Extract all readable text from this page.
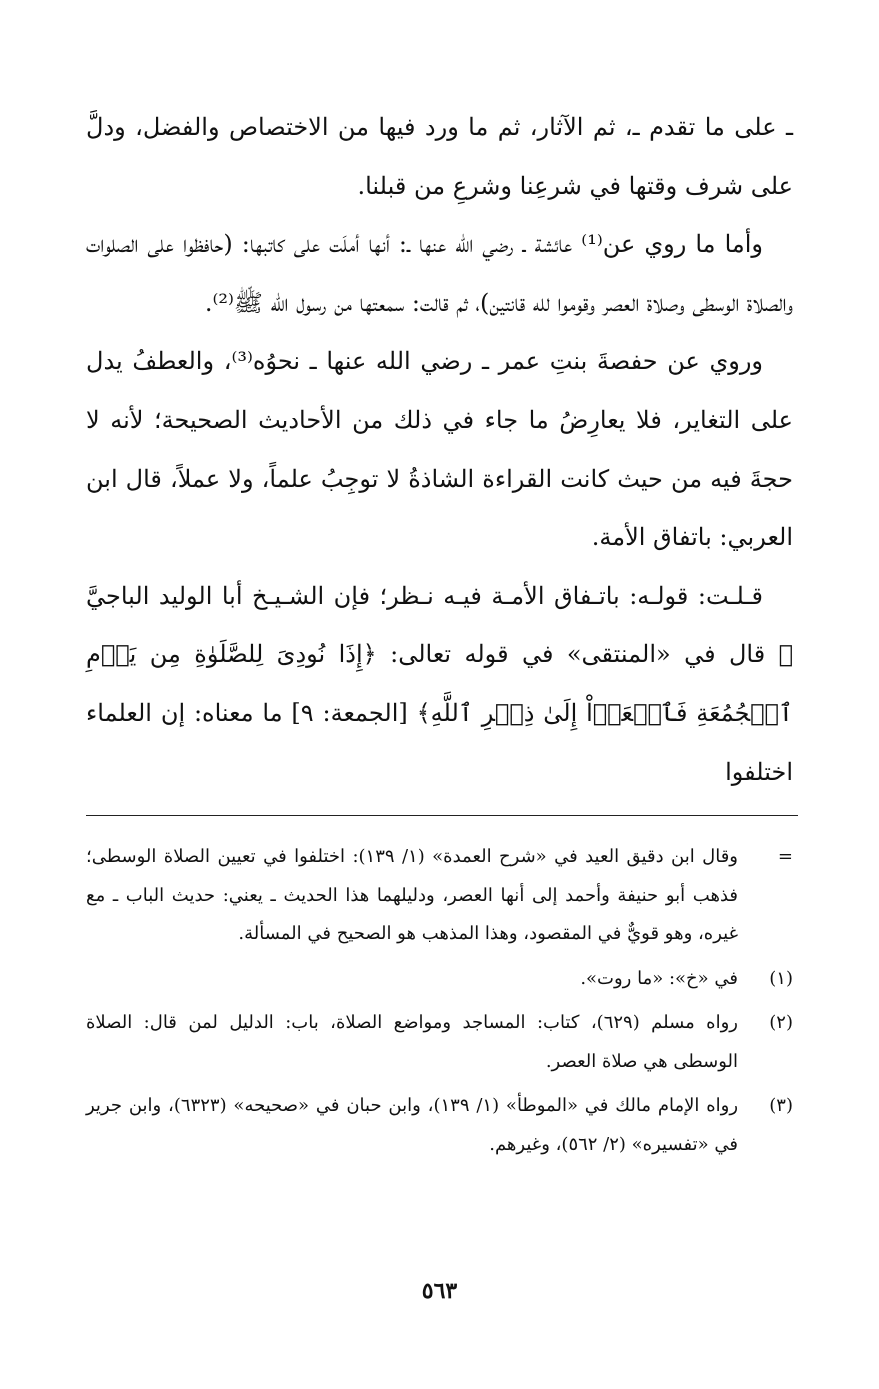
ـ على ما تقدم ـ، ثم الآثار، ثم ما ورد فيها من الاختصاص والفضل، ودلَّ على شرف وقتها في شرعِنا وشرعِ من قبلنا.

وأما ما روي عن⁽¹⁾ عائشة ـ رضي الله عنها ـ: أنها أملَت على كاتبها: (حافظوا على الصلوات والصلاة الوسطى وصلاة العصر وقوموا لله قانتين)، ثم قالت: سمعتها من رسول الله ﷺ⁽²⁾.

وروي عن حفصةَ بنتِ عمر ـ رضي الله عنها ـ نحوُه⁽³⁾، والعطفُ يدل على التغاير، فلا يعارِضُ ما جاء في ذلك من الأحاديث الصحيحة؛ لأنه لا حجةَ فيه من حيث كانت القراءة الشاذةُ لا توجِبُ علماً، ولا عملاً، قال ابن العربي: باتفاق الأمة.

قـلـت: قولـه: باتـفاق الأمـة فيـه نـظر؛ فإن الشـيـخ أبا الوليد الباجيَّ ﵀ قال في «المنتقى» في قوله تعالى: ﴿إِذَا نُودِىَ لِلصَّلَوٰةِ مِن يَوۡمِ ٱلۡجُمُعَةِ فَٱسۡعَوۡاْ إِلَىٰ ذِكۡرِ ٱللَّهِ﴾ [الجمعة: ٩] ما معناه: إن العلماء اختلفوا

=
وقال ابن دقيق العيد في «شرح العمدة» (١/ ١٣٩): اختلفوا في تعيين الصلاة الوسطى؛ فذهب أبو حنيفة وأحمد إلى أنها العصر، ودليلهما هذا الحديث ـ يعني: حديث الباب ـ مع غيره، وهو قويٌّ في المقصود، وهذا المذهب هو الصحيح في المسألة.
(١)
في «خ»: «ما روت».
(٢)
رواه مسلم (٦٢٩)، كتاب: المساجد ومواضع الصلاة، باب: الدليل لمن قال: الصلاة الوسطى هي صلاة العصر.
(٣)
رواه الإمام مالك في «الموطأ» (١/ ١٣٩)، وابن حبان في «صحيحه» (٦٣٢٣)، وابن جرير في «تفسيره» (٢/ ٥٦٢)، وغيرهم.
٥٦٣
